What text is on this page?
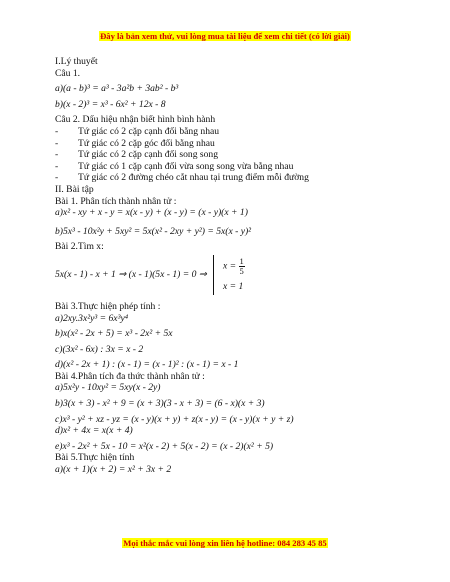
Đây là bản xem thử, vui lòng mua tài liệu để xem chi tiết (có lời giải)
I.Lý thuyết
Câu 1.
a)(a - b)³ = a³ - 3a²b + 3ab² - b³
b)(x - 2)³ = x³ - 6x² + 12x - 8
Câu 2. Dấu hiệu nhận biết hình bình hành
- Tứ giác có 2 cặp cạnh đối bằng nhau
- Tứ giác có 2 cặp góc đối bằng nhau
- Tứ giác có 2 cặp cạnh đối song song
- Tứ giác có 1 cặp cạnh đối vừa song song vừa bằng nhau
- Tứ giác có 2 đường chéo cắt nhau tại trung điểm mỗi đường
II. Bài tập
Bài 1. Phân tích thành nhân tử :
a)x² - xy + x - y = x(x - y) + (x - y) = (x - y)(x + 1)
b)5x³ - 10x²y + 5xy² = 5x(x² - 2xy + y²) = 5x(x - y)²
Bài 2.Tìm x:
5x(x - 1) - x + 1 ⇒ (x - 1)(5x - 1) = 0 ⇒
$x = \frac{1}{5}$
x = 1
Bài 3.Thực hiện phép tính :
a)2xy.3x²y³ = 6x³y⁴
b)x(x² - 2x + 5) = x³ - 2x² + 5x
c)(3x² - 6x) : 3x = x - 2
d)(x² - 2x + 1) : (x - 1) = (x - 1)² : (x - 1) = x - 1
Bài 4.Phân tích đa thức thành nhân tử :
a)5x²y - 10xy² = 5xy(x - 2y)
b)3(x + 3) - x² + 9 = (x + 3)(3 - x + 3) = (6 - x)(x + 3)
c)x³ - y² + xz - yz = (x - y)(x + y) + z(x - y) = (x - y)(x + y + z)
d)x² + 4x = x(x + 4)
e)x³ - 2x² + 5x - 10 = x²(x - 2) + 5(x - 2) = (x - 2)(x² + 5)
Bài 5.Thực hiện tính
a)(x + 1)(x + 2) = x² + 3x + 2
Mọi thắc mắc vui lòng xin liên hệ hotline: 084 283 45 85
